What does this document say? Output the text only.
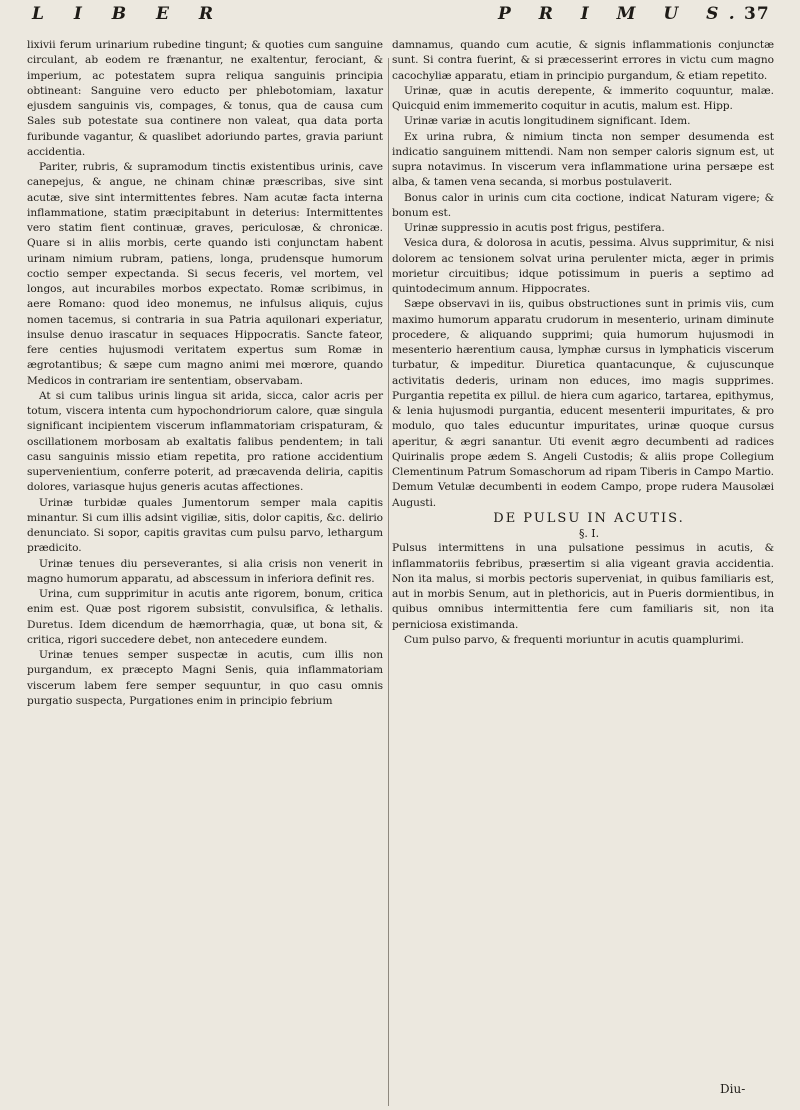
L I B E R	P R I M U S.
37

lixivii ferum urinarium rubedine tingunt; & quoties cum sanguine circulant, ab eodem re frænantur, ne exaltentur, ferociant, & imperium, ac potestatem supra reliqua sanguinis principia obtineant: Sanguine vero educto per phlebotomiam, laxatur ejusdem sanguinis vis, compages, & tonus, qua de causa cum Sales sub potestate sua continere non valeat, qua data porta furibunde vagantur, & quaslibet adoriundo partes, gravia pariunt accidentia.

Pariter, rubris, & supramodum tinctis existentibus urinis, cave canepejus, & angue, ne chinam chinæ præscribas, sive sint acutæ, sive sint intermittentes febres. Nam acutæ facta interna inflammatione, statim præcipitabunt in deterius: Intermittentes vero statim fient continuæ, graves, periculosæ, & chronicæ. Quare si in aliis morbis, certe quando isti conjunctam habent urinam nimium rubram, patiens, longa, prudensque humorum coctio semper expectanda. Si secus feceris, vel mortem, vel longos, aut incurabiles morbos expectato. Romæ scribimus, in aere Romano: quod ideo monemus, ne infulsus aliquis, cujus nomen tacemus, si contraria in sua Patria aquilonari experiatur, insulse denuo irascatur in sequaces Hippocratis. Sancte fateor, fere centies hujusmodi veritatem expertus sum Romæ in ægrotantibus; & sæpe cum magno animi mei mœrore, quando Medicos in contrariam ire sententiam, observabam.

At si cum talibus urinis lingua sit arida, sicca, calor acris per totum, viscera intenta cum hypochondriorum calore, quæ singula significant incipientem viscerum inflammatoriam crispaturam, & oscillationem morbosam ab exaltatis falibus pendentem; in tali casu sanguinis missio etiam repetita, pro ratione accidentium supervenientium, conferre poterit, ad præcavenda deliria, capitis dolores, variasque hujus generis acutas affectiones.

Urinæ turbidæ quales Jumentorum semper mala capitis minantur. Si cum illis adsint vigiliæ, sitis, dolor capitis, &c. delirio denunciato. Si sopor, capitis gravitas cum pulsu parvo, lethargum prædicito.

Urinæ tenues diu perseverantes, si alia crisis non venerit in magno humorum apparatu, ad abscessum in inferiora definit res.

Urina, cum supprimitur in acutis ante rigorem, bonum, critica enim est. Quæ post rigorem subsistit, convulsifica, & lethalis. Duretus. Idem dicendum de hæmorrhagia, quæ, ut bona sit, & critica, rigori succedere debet, non antecedere eundem.

Urinæ tenues semper suspectæ in acutis, cum illis non purgandum, ex præcepto Magni Senis, quia inflammatoriam viscerum labem fere semper sequuntur, in quo casu omnis purgatio suspecta, Purgationes enim in principio febrium

damnamus, quando cum acutie, & signis inflammationis conjunctæ sunt. Si contra fuerint, & si præcesserint errores in victu cum magno cacochyliæ apparatu, etiam in principio purgandum, & etiam repetito.

Urinæ, quæ in acutis derepente, & immerito coquuntur, malæ. Quicquid enim immemerito coquitur in acutis, malum est. Hipp.

Urinæ variæ in acutis longitudinem significant. Idem.

Ex urina rubra, & nimium tincta non semper desumenda est indicatio sanguinem mittendi. Nam non semper caloris signum est, ut supra notavimus. In viscerum vera inflammatione urina persæpe est alba, & tamen vena secanda, si morbus postulaverit.

Bonus calor in urinis cum cita coctione, indicat Naturam vigere; & bonum est.

Urinæ suppressio in acutis post frigus, pestifera.

Vesica dura, & dolorosa in acutis, pessima. Alvus supprimitur, & nisi dolorem ac tensionem solvat urina perulenter micta, æger in primis morietur circuitibus; idque potissimum in pueris a septimo ad quintodecimum annum. Hippocrates.

Sæpe observavi in iis, quibus obstructiones sunt in primis viis, cum maximo humorum apparatu crudorum in mesenterio, urinam diminute procedere, & aliquando supprimi; quia humorum hujusmodi in mesenterio hærentium causa, lymphæ cursus in lymphaticis viscerum turbatur, & impeditur. Diuretica quantacunque, & cujuscunque activitatis dederis, urinam non educes, imo magis supprimes. Purgantia repetita ex pillul. de hiera cum agarico, tartarea, epithymus, & lenia hujusmodi purgantia, educent mesenterii impuritates, & pro modulo, quo tales educuntur impuritates, urinæ quoque cursus aperitur, & ægri sanantur. Uti evenit ægro decumbenti ad radices Quirinalis prope ædem S. Angeli Custodis; & aliis prope Collegium Clementinum Patrum Somaschorum ad ripam Tiberis in Campo Martio. Demum Vetulæ decumbenti in eodem Campo, prope rudera Mausolæi Augusti.

DE PULSU IN ACUTIS.

§. I.

Pulsus intermittens in una pulsatione pessimus in acutis, & inflammatoriis febribus, præsertim si alia vigeant gravia accidentia. Non ita malus, si morbis pectoris superveniat, in quibus familiaris est, aut in morbis Senum, aut in plethoricis, aut in Pueris dormientibus, in quibus omnibus intermittentia fere cum familiaris sit, non ita perniciosa existimanda.

Cum pulso parvo, & frequenti moriuntur in acutis quamplurimi.

Diu-
